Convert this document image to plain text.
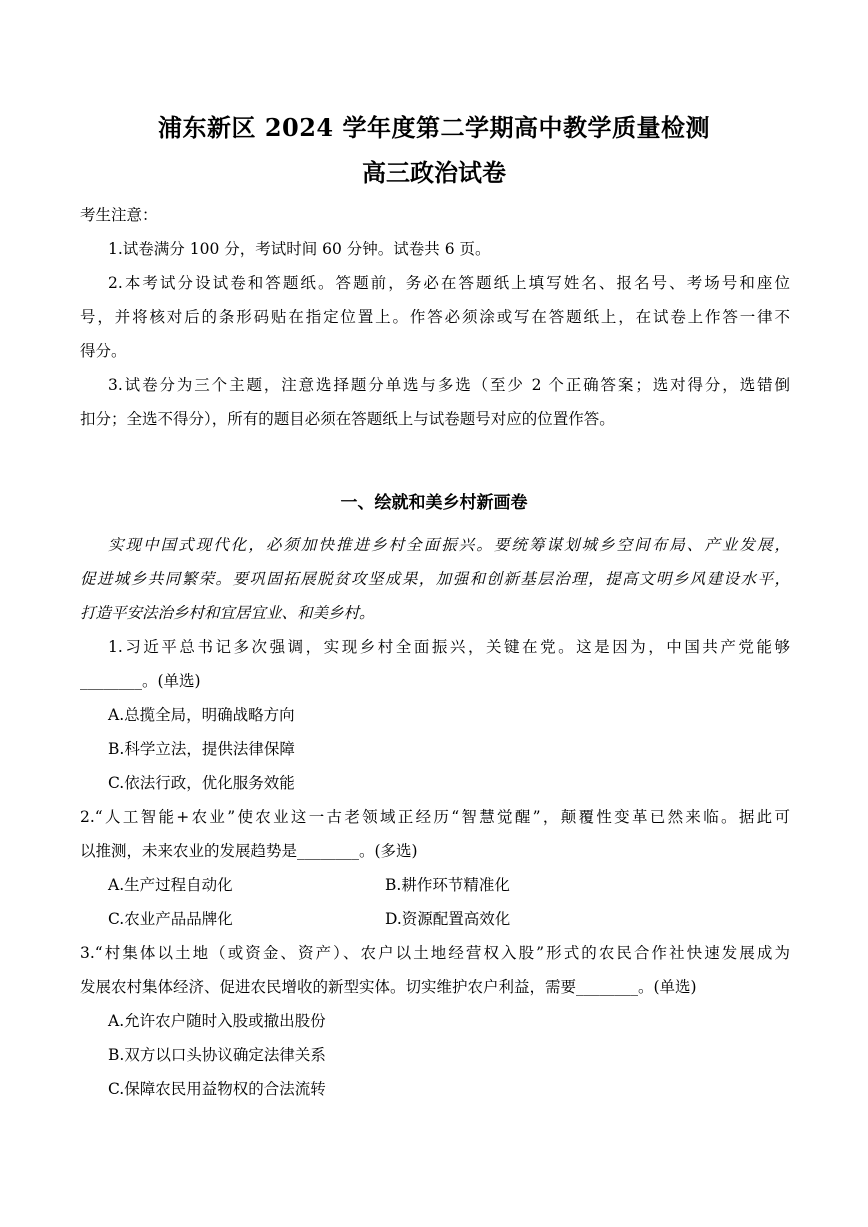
浦东新区 2024 学年度第二学期高中教学质量检测
高三政治试卷
考生注意：
1.试卷满分 100 分，考试时间 60 分钟。试卷共 6 页。
2.本考试分设试卷和答题纸。答题前，务必在答题纸上填写姓名、报名号、考场号和座位
号，并将核对后的条形码贴在指定位置上。作答必须涂或写在答题纸上，在试卷上作答一律不
得分。
3.试卷分为三个主题，注意选择题分单选与多选（至少 2 个正确答案；选对得分，选错倒
扣分；全选不得分），所有的题目必须在答题纸上与试卷题号对应的位置作答。
一、绘就和美乡村新画卷
实现中国式现代化，必须加快推进乡村全面振兴。要统筹谋划城乡空间布局、产业发展，
促进城乡共同繁荣。要巩固拓展脱贫攻坚成果，加强和创新基层治理，提高文明乡风建设水平，
打造平安法治乡村和宜居宜业、和美乡村。
1.习近平总书记多次强调，实现乡村全面振兴，关键在党。这是因为，中国共产党能够
________。(单选)
A.总揽全局，明确战略方向
B.科学立法，提供法律保障
C.依法行政，优化服务效能
2.“人工智能+农业”使农业这一古老领域正经历“智慧觉醒”，颠覆性变革已然来临。据此可
以推测，未来农业的发展趋势是________。(多选)
A.生产过程自动化	B.耕作环节精准化
C.农业产品品牌化	D.资源配置高效化
3.“村集体以土地（或资金、资产）、农户以土地经营权入股”形式的农民合作社快速发展成为
发展农村集体经济、促进农民增收的新型实体。切实维护农户利益，需要________。(单选)
A.允许农户随时入股或撤出股份
B.双方以口头协议确定法律关系
C.保障农民用益物权的合法流转
